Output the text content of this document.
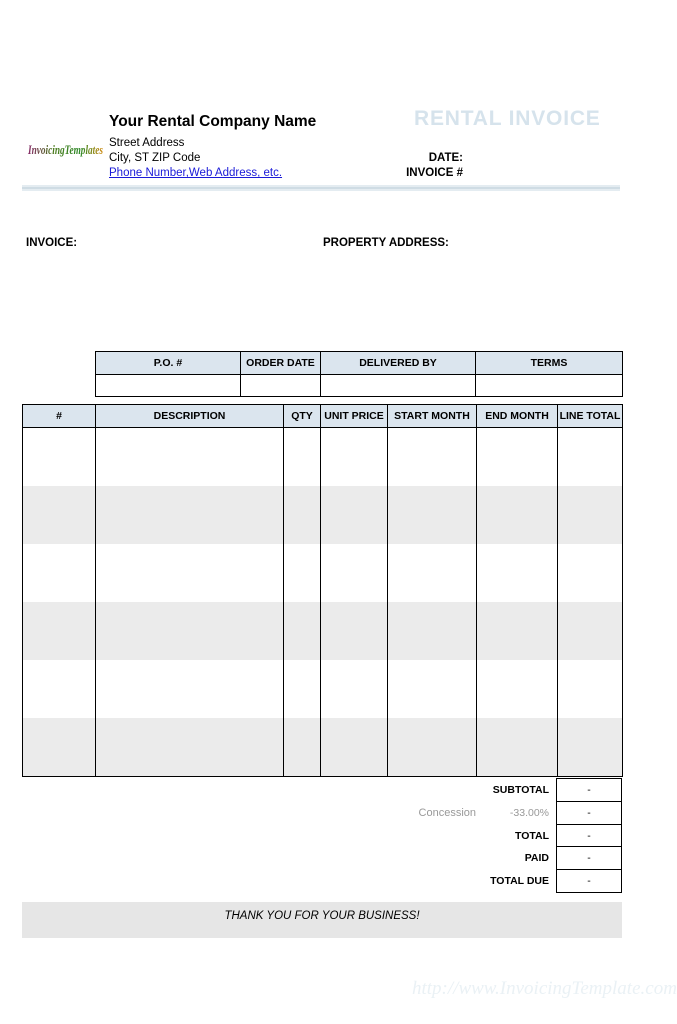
InvoicingTemplates
Your Rental Company Name
Street Address
City, ST ZIP Code
Phone Number,Web Address, etc.
RENTAL INVOICE
DATE:
INVOICE #
INVOICE:	PROPERTY ADDRESS:
P.O. #	ORDER DATE	DELIVERED BY	TERMS

#	DESCRIPTION	QTY	UNIT PRICE	START MONTH	END MONTH	LINE TOTAL

SUBTOTAL	-
Concession	-33.00%	-
TOTAL	-
PAID	-
TOTAL DUE	-
THANK YOU FOR YOUR BUSINESS!
http://www.InvoicingTemplate.com
